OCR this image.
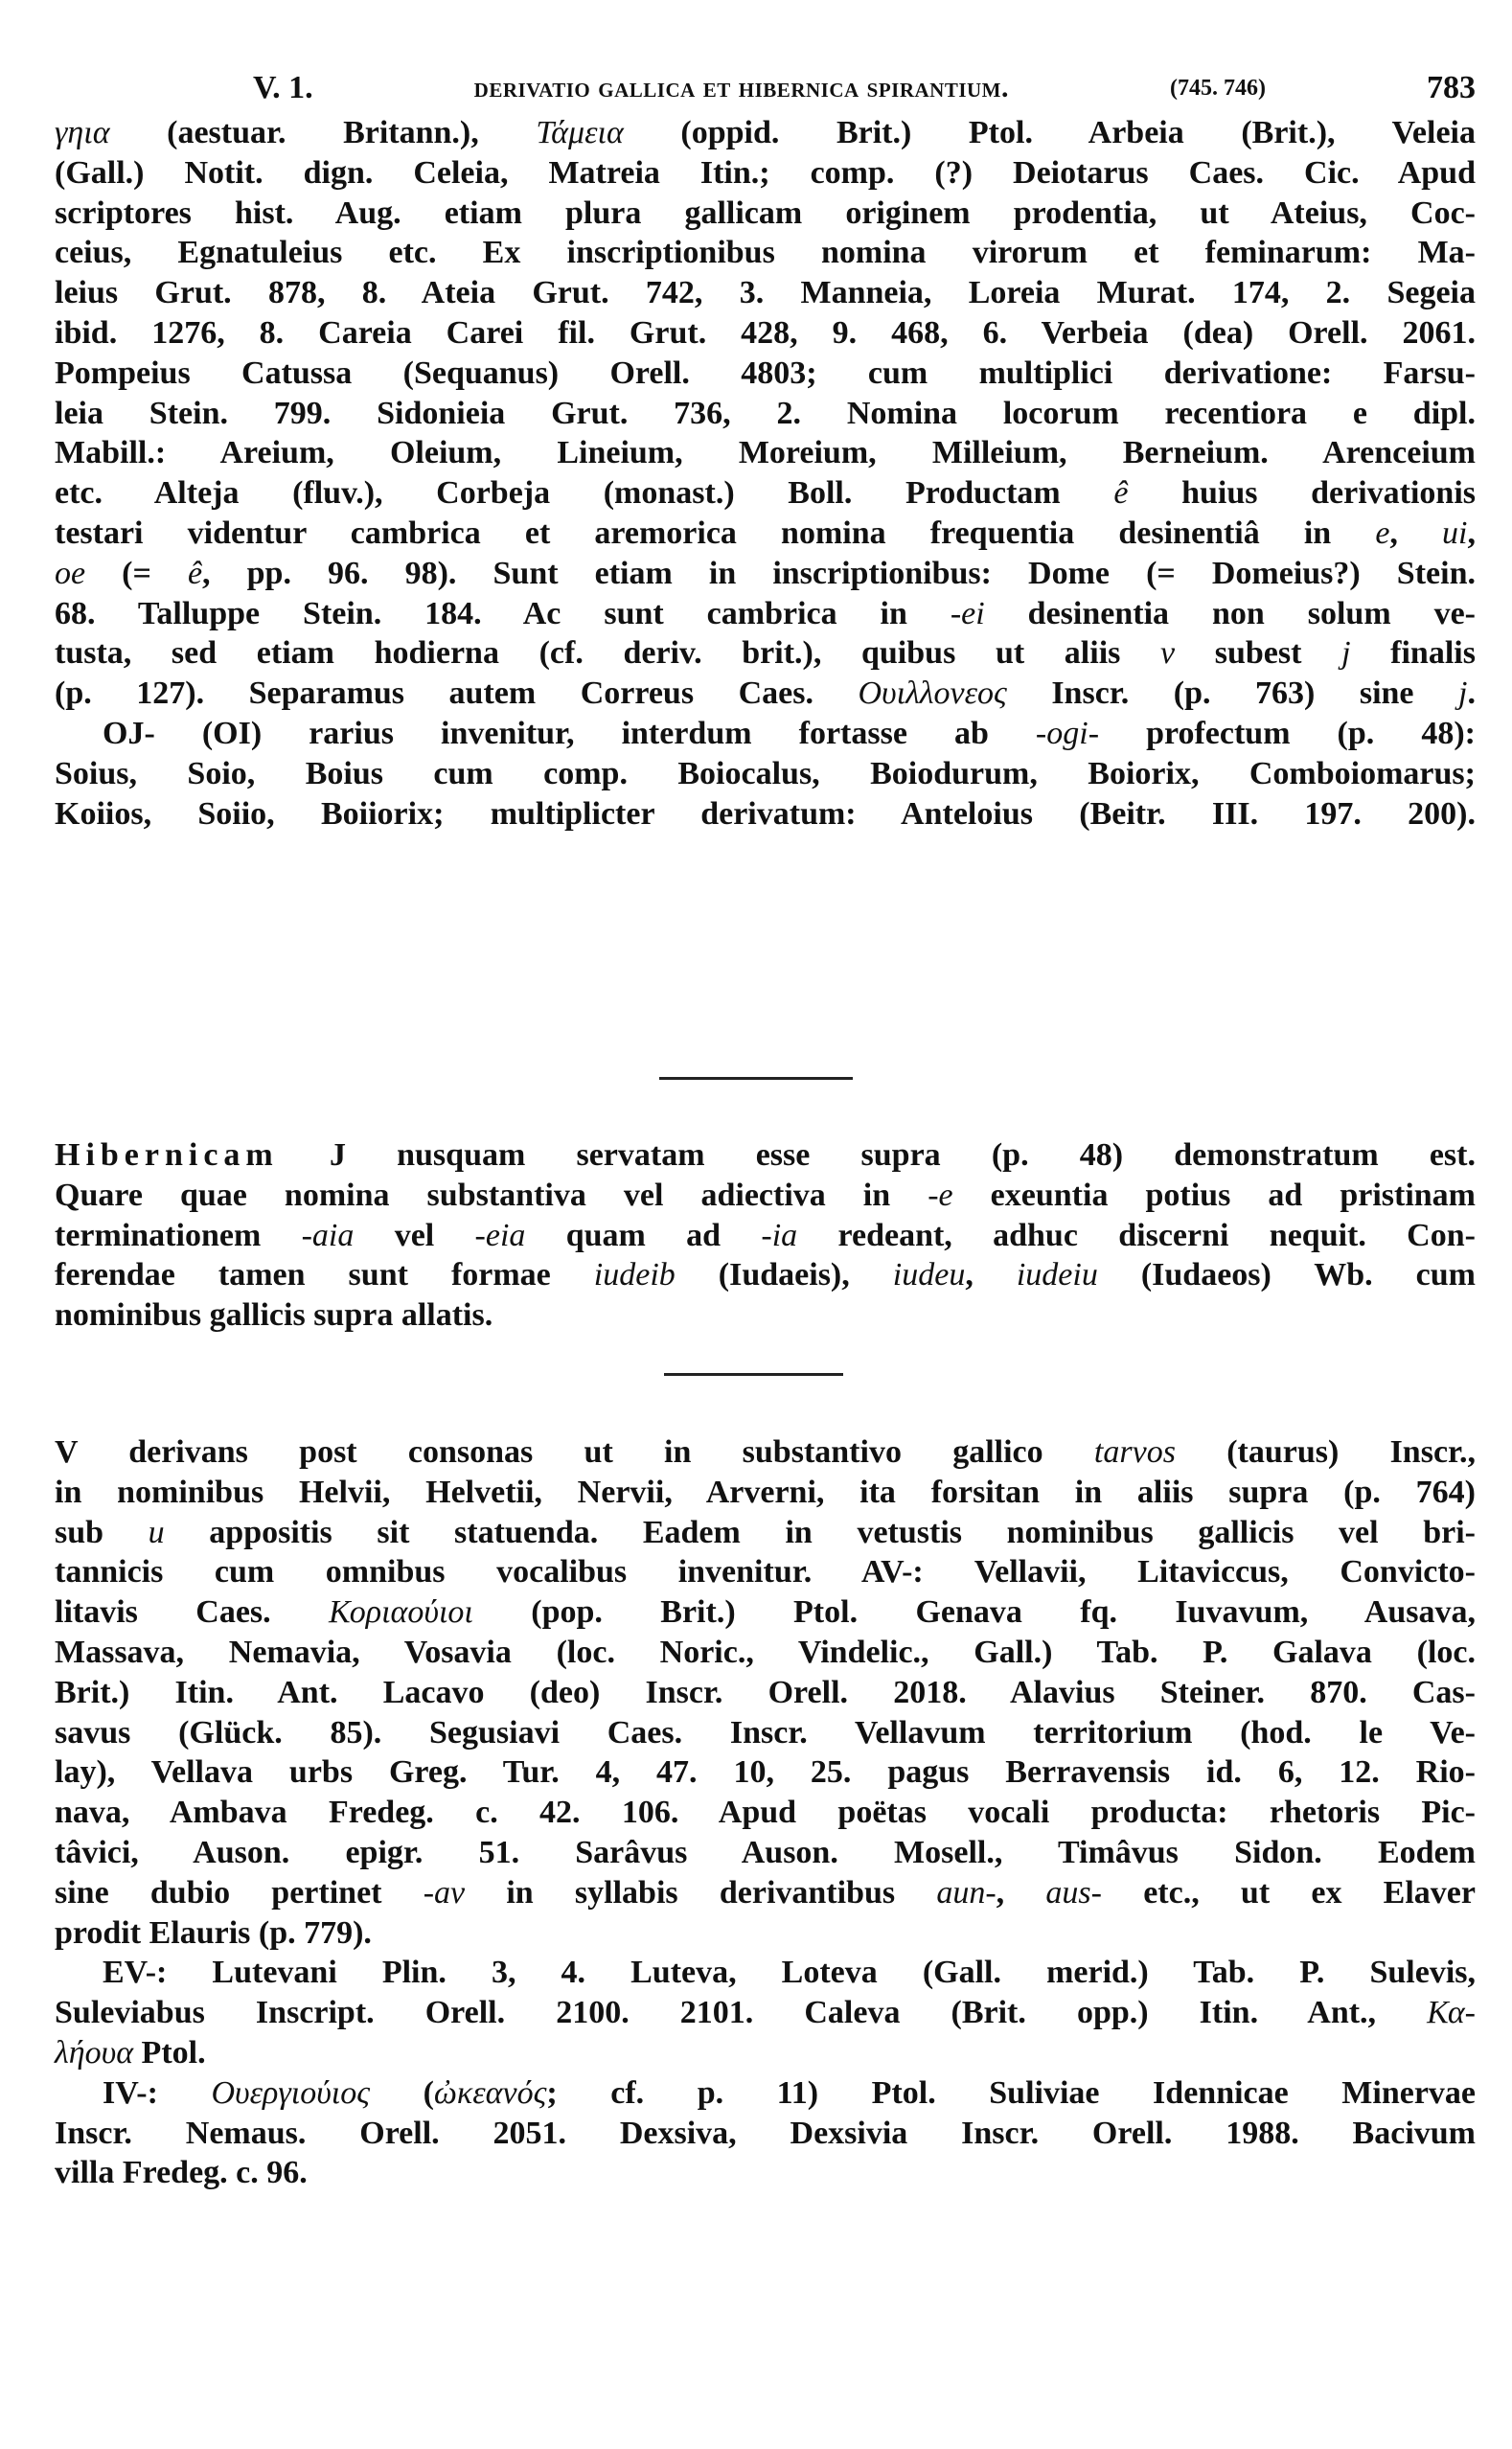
V. 1.	derivatio gallica et hibernica spirantium.	(745. 746)	783
γηια (aestuar. Britann.), Τάμεια (oppid. Brit.) Ptol. Arbeia (Brit.), Veleia
(Gall.) Notit. dign. Celeia, Matreia Itin.; comp. (?) Deiotarus Caes. Cic. Apud
scriptores hist. Aug. etiam plura gallicam originem prodentia, ut Ateius, Coc-
ceius, Egnatuleius etc. Ex inscriptionibus nomina virorum et feminarum: Ma-
leius Grut. 878, 8. Ateia Grut. 742, 3. Manneia, Loreia Murat. 174, 2. Segeia
ibid. 1276, 8. Careia Carei fil. Grut. 428, 9. 468, 6. Verbeia (dea) Orell. 2061.
Pompeius Catussa (Sequanus) Orell. 4803; cum multiplici derivatione: Farsu-
leia Stein. 799. Sidonieia Grut. 736, 2. Nomina locorum recentiora e dipl.
Mabill.: Areium, Oleium, Lineium, Moreium, Milleium, Berneium. Arenceium
etc. Alteja (fluv.), Corbeja (monast.) Boll. Productam ê huius derivationis
testari videntur cambrica et aremorica nomina frequentia desinentiâ in e, ui,
oe (= ê, pp. 96. 98). Sunt etiam in inscriptionibus: Dome (= Domeius?) Stein.
68. Talluppe Stein. 184. Ac sunt cambrica in -ei desinentia non solum ve-
tusta, sed etiam hodierna (cf. deriv. brit.), quibus ut aliis v subest j finalis
(p. 127). Separamus autem Correus Caes. Ουιλλονεος Inscr. (p. 763) sine j.
OJ- (OI) rarius invenitur, interdum fortasse ab -ogi- profectum (p. 48):
Soius, Soio, Boius cum comp. Boiocalus, Boiodurum, Boiorix, Comboiomarus;
Koiios, Soiio, Boiiorix; multiplicter derivatum: Anteloius (Beitr. III. 197. 200).
Hibernicam J nusquam servatam esse supra (p. 48) demonstratum est.
Quare quae nomina substantiva vel adiectiva in -e exeuntia potius ad pristinam
terminationem -aia vel -eia quam ad -ia redeant, adhuc discerni nequit. Con-
ferendae tamen sunt formae iudeib (Iudaeis), iudeu, iudeiu (Iudaeos) Wb. cum
nominibus gallicis supra allatis.
V derivans post consonas ut in substantivo gallico tarvos (taurus) Inscr.,
in nominibus Helvii, Helvetii, Nervii, Arverni, ita forsitan in aliis supra (p. 764)
sub u appositis sit statuenda. Eadem in vetustis nominibus gallicis vel bri-
tannicis cum omnibus vocalibus invenitur. AV-: Vellavii, Litaviccus, Convicto-
litavis Caes. Κοριαούιοι (pop. Brit.) Ptol. Genava fq. Iuvavum, Ausava,
Massava, Nemavia, Vosavia (loc. Noric., Vindelic., Gall.) Tab. P. Galava (loc.
Brit.) Itin. Ant. Lacavo (deo) Inscr. Orell. 2018. Alavius Steiner. 870. Cas-
savus (Glück. 85). Segusiavi Caes. Inscr. Vellavum territorium (hod. le Ve-
lay), Vellava urbs Greg. Tur. 4, 47. 10, 25. pagus Berravensis id. 6, 12. Rio-
nava, Ambava Fredeg. c. 42. 106. Apud poëtas vocali producta: rhetoris Pic-
tâvici, Auson. epigr. 51. Sarâvus Auson. Mosell., Timâvus Sidon. Eodem
sine dubio pertinet -av in syllabis derivantibus aun-, aus- etc., ut ex Elaver
prodit Elauris (p. 779).
EV-: Lutevani Plin. 3, 4. Luteva, Loteva (Gall. merid.) Tab. P. Sulevis,
Suleviabus Inscript. Orell. 2100. 2101. Caleva (Brit. opp.) Itin. Ant., Κα-
λήουα Ptol.
IV-: Ουεργιούιος (ὠκεανός; cf. p. 11) Ptol. Suliviae Idennicae Minervae
Inscr. Nemaus. Orell. 2051. Dexsiva, Dexsivia Inscr. Orell. 1988. Bacivum
villa Fredeg. c. 96.
